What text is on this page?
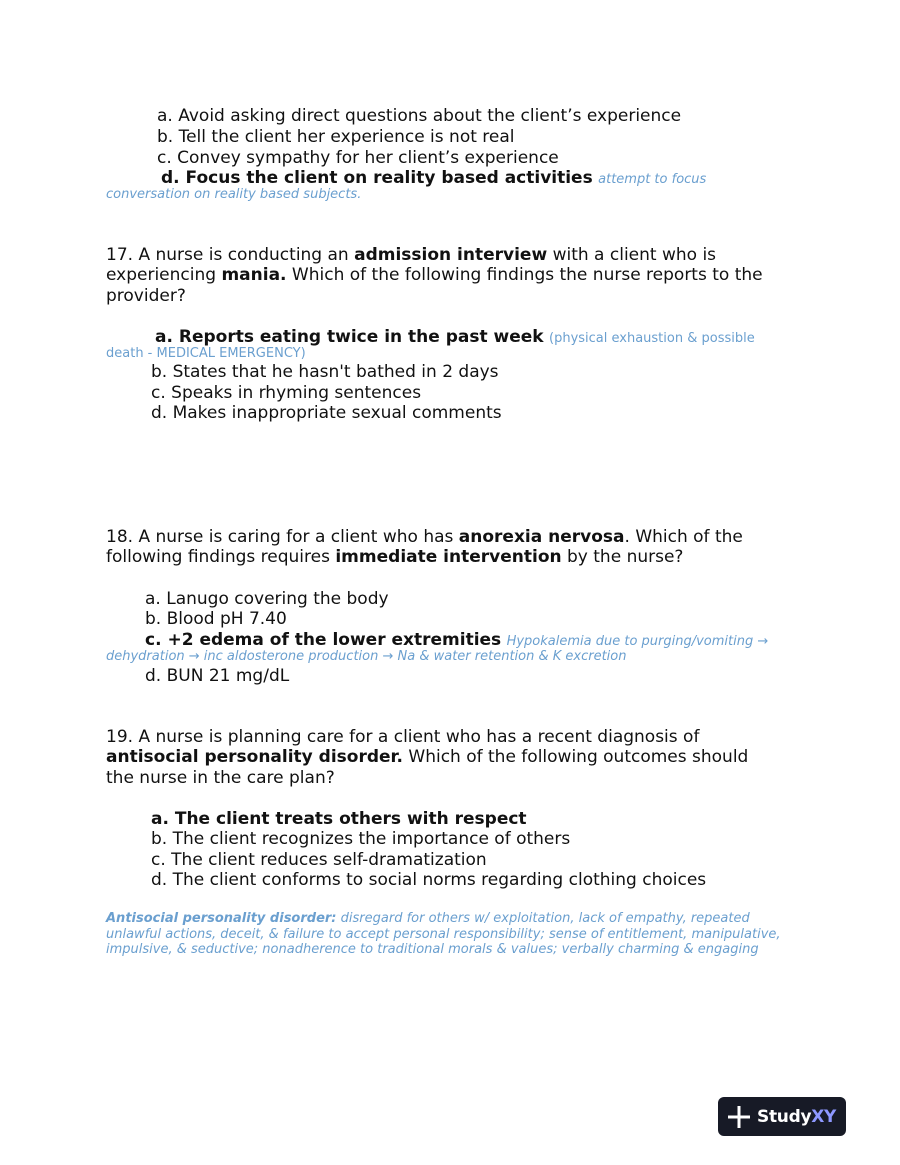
a. Avoid asking direct questions about the client’s experience
b. Tell the client her experience is not real
c. Convey sympathy for her client’s experience
d. Focus the client on reality based activities attempt to focus
conversation on reality based subjects.
17. A nurse is conducting an admission interview with a client who is
experiencing mania. Which of the following findings the nurse reports to the
provider?
a. Reports eating twice in the past week (physical exhaustion & possible
death - MEDICAL EMERGENCY)
b. States that he hasn't bathed in 2 days
c. Speaks in rhyming sentences
d. Makes inappropriate sexual comments
18. A nurse is caring for a client who has anorexia nervosa. Which of the
following findings requires immediate intervention by the nurse?
a. Lanugo covering the body
b. Blood pH 7.40
c. +2 edema of the lower extremities Hypokalemia due to purging/vomiting →
dehydration → inc aldosterone production → Na & water retention & K excretion
d. BUN 21 mg/dL
19. A nurse is planning care for a client who has a recent diagnosis of
antisocial personality disorder. Which of the following outcomes should
the nurse in the care plan?
a. The client treats others with respect
b. The client recognizes the importance of others
c. The client reduces self-dramatization
d. The client conforms to social norms regarding clothing choices
Antisocial personality disorder: disregard for others w/ exploitation, lack of empathy, repeated
unlawful actions, deceit, & failure to accept personal responsibility; sense of entitlement, manipulative,
impulsive, & seductive; nonadherence to traditional morals & values; verbally charming & engaging
StudyXY
